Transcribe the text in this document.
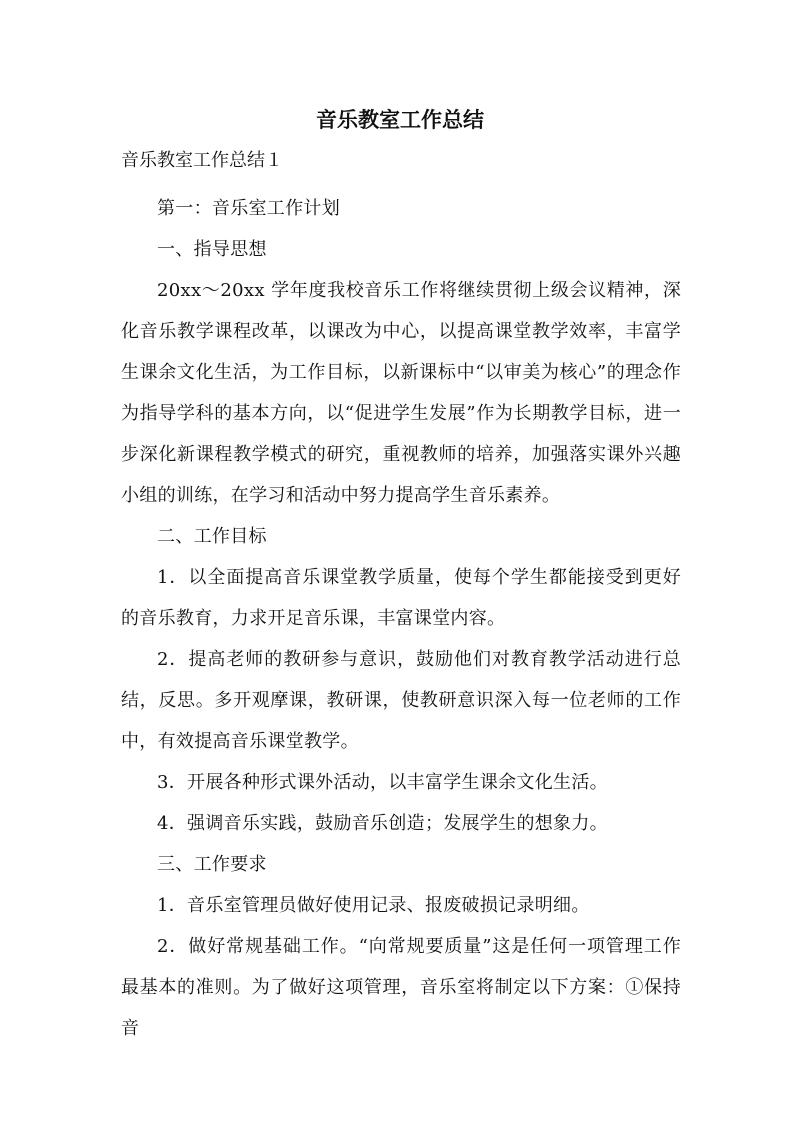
音乐教室工作总结

音乐教室工作总结１

第一：音乐室工作计划

一、指导思想

20xx～20xx 学年度我校音乐工作将继续贯彻上级会议精神，深化音乐教学课程改革，以课改为中心，以提高课堂教学效率，丰富学生课余文化生活，为工作目标，以新课标中“以审美为核心”的理念作为指导学科的基本方向，以“促进学生发展”作为长期教学目标，进一步深化新课程教学模式的研究，重视教师的培养，加强落实课外兴趣小组的训练，在学习和活动中努力提高学生音乐素养。

二、工作目标

1．以全面提高音乐课堂教学质量，使每个学生都能接受到更好的音乐教育，力求开足音乐课，丰富课堂内容。

2．提高老师的教研参与意识，鼓励他们对教育教学活动进行总结，反思。多开观摩课，教研课，使教研意识深入每一位老师的工作中，有效提高音乐课堂教学。

3．开展各种形式课外活动，以丰富学生课余文化生活。

4．强调音乐实践，鼓励音乐创造；发展学生的想象力。

三、工作要求

1．音乐室管理员做好使用记录、报废破损记录明细。

2．做好常规基础工作。“向常规要质量”这是任何一项管理工作最基本的准则。为了做好这项管理，音乐室将制定以下方案：①保持音
